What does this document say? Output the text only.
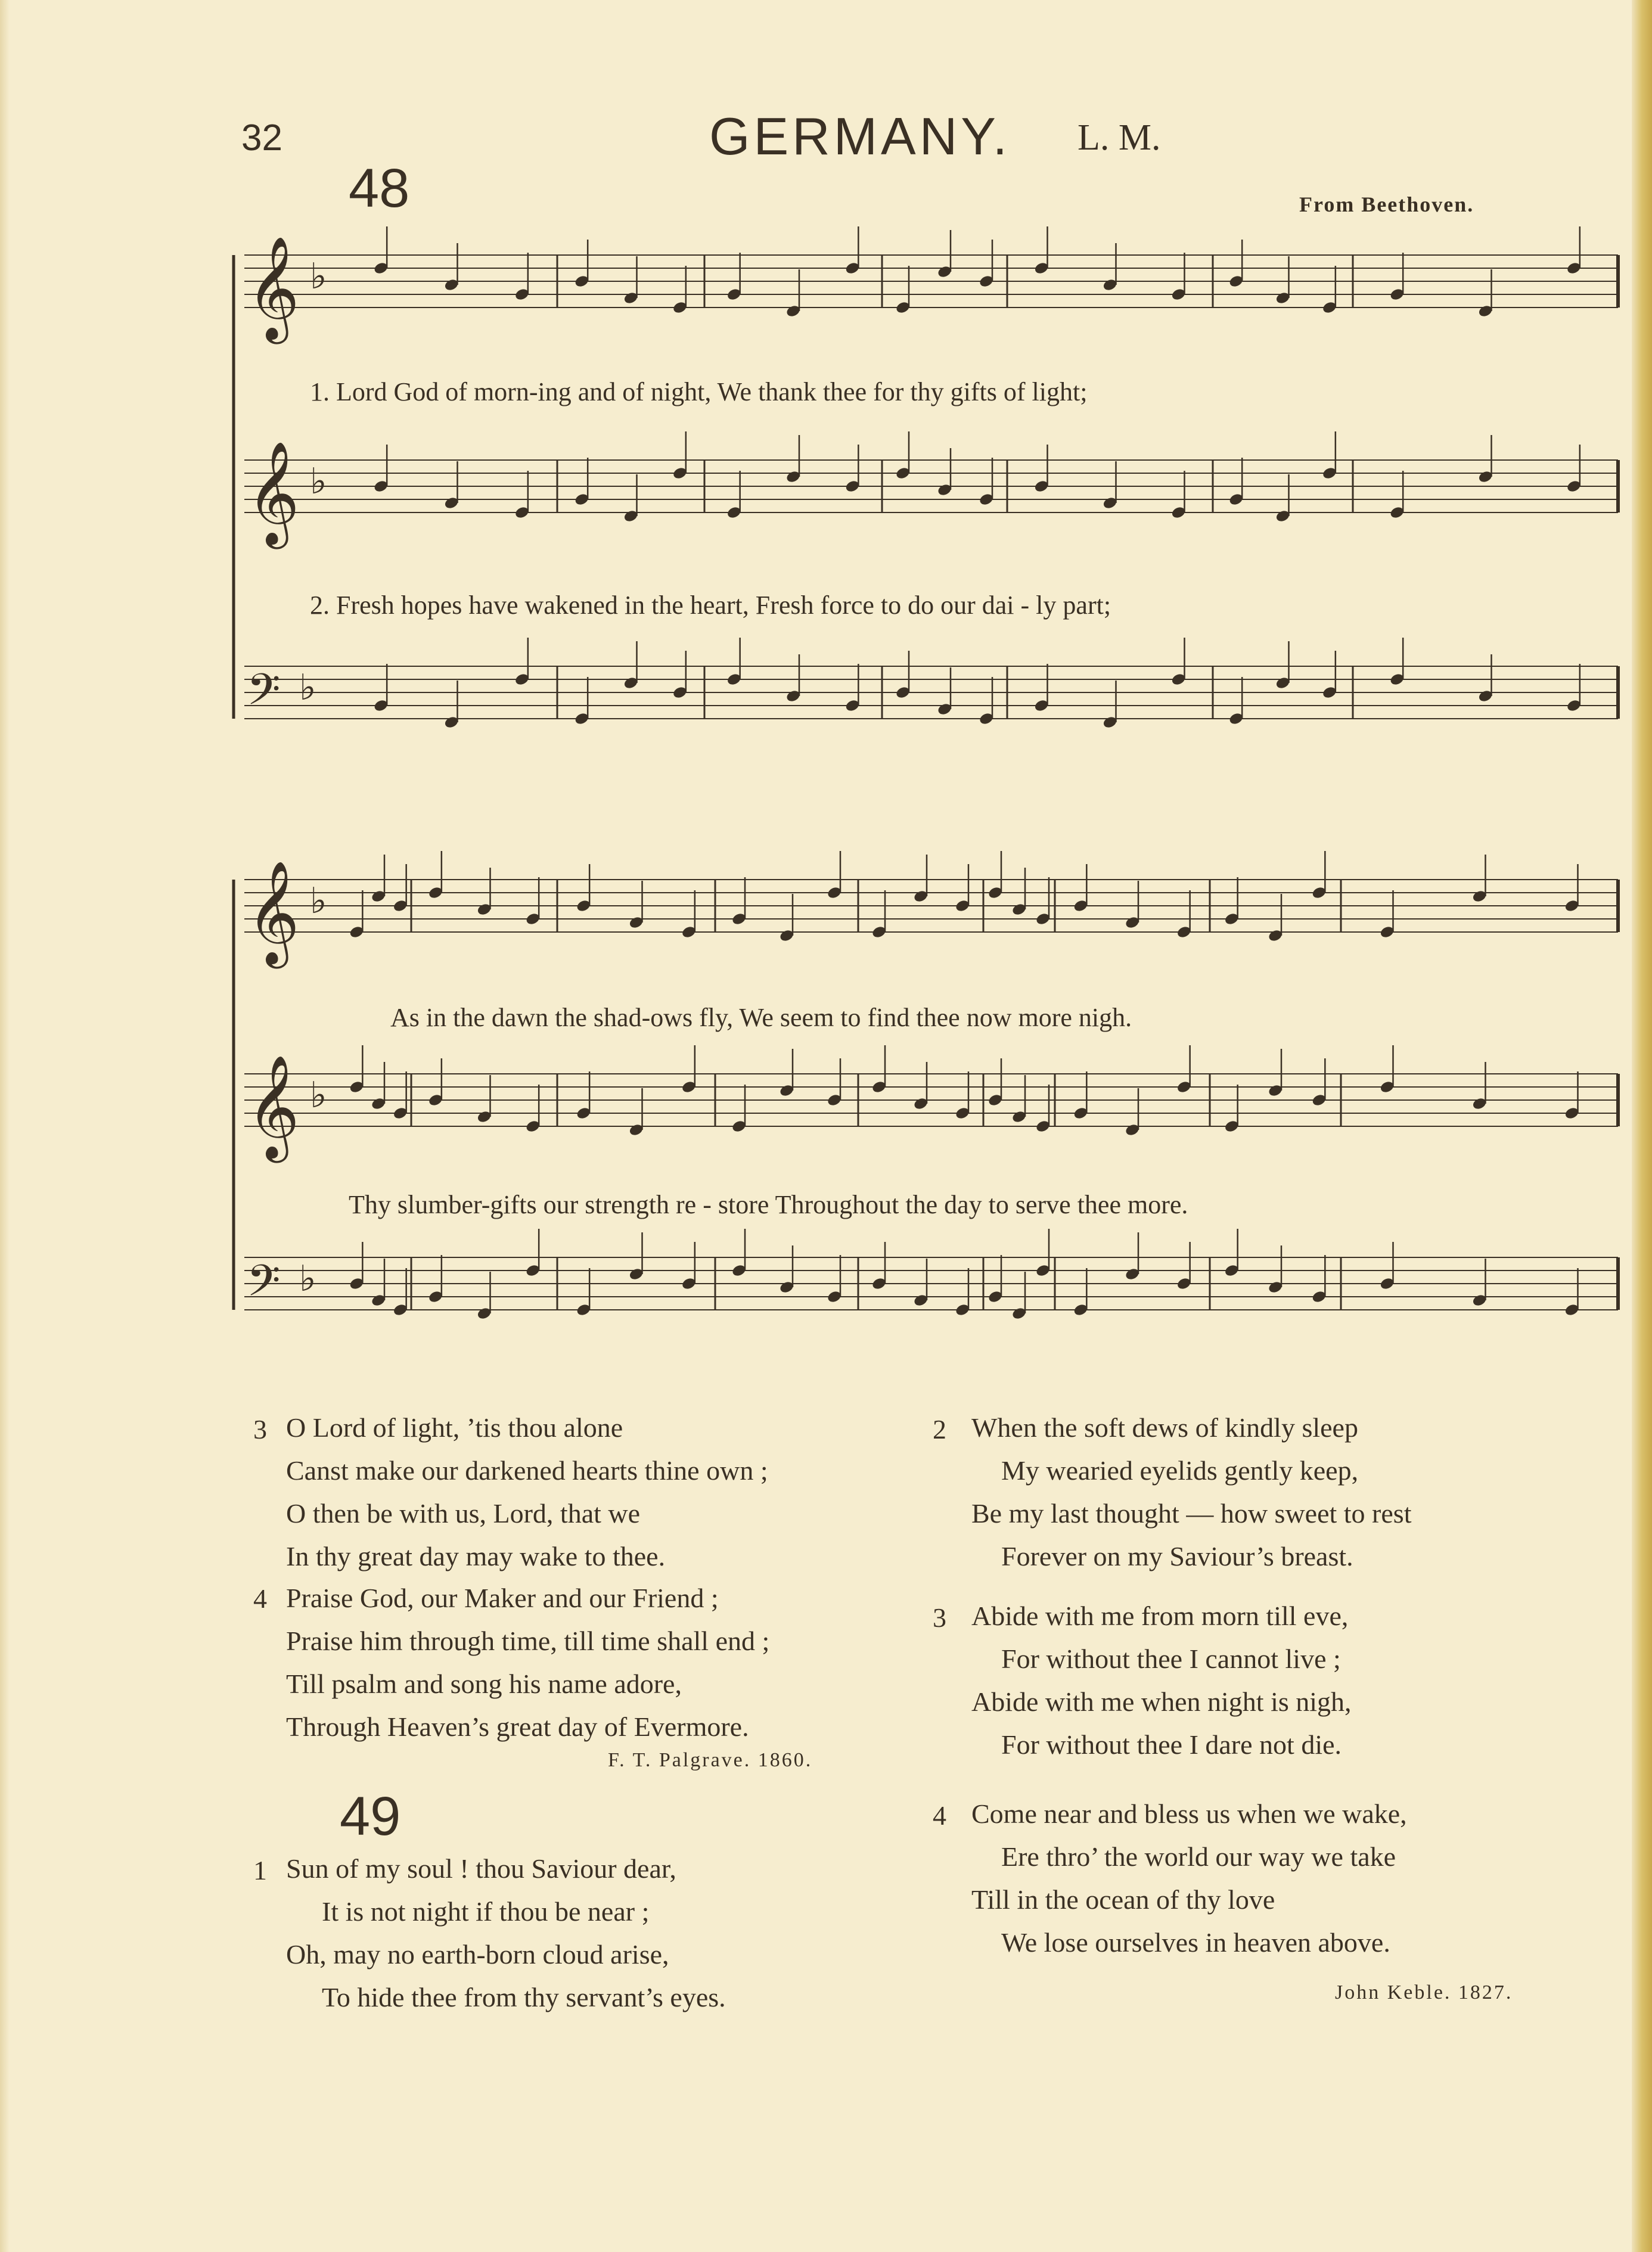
32	GERMANY. L. M.
48	From Beethoven.
𝄞 ♭
𝄞 ♭
𝄢 ♭
𝄞 ♭
𝄞 ♭
𝄢 ♭
1. Lord God of morn-ing and of night, We thank thee for thy gifts of light;
2. Fresh hopes have wakened in the heart, Fresh force to do our dai - ly part;
As in the dawn the shad-ows fly, We seem to find thee now more nigh.
Thy slumber-gifts our strength re - store Throughout the day to serve thee more.
3 O Lord of light, ’tis thou alone
Canst make our darkened hearts thine own ;
O then be with us, Lord, that we
In thy great day may wake to thee.
4 Praise God, our Maker and our Friend ;
Praise him through time, till time shall end ;
Till psalm and song his name adore,
Through Heaven’s great day of Evermore.
F. T. Palgrave. 1860.
49
1 Sun of my soul ! thou Saviour dear,
It is not night if thou be near ;
Oh, may no earth-born cloud arise,
To hide thee from thy servant’s eyes.
2 When the soft dews of kindly sleep
My wearied eyelids gently keep,
Be my last thought — how sweet to rest
Forever on my Saviour’s breast.
3 Abide with me from morn till eve,
For without thee I cannot live ;
Abide with me when night is nigh,
For without thee I dare not die.
4 Come near and bless us when we wake,
Ere thro’ the world our way we take
Till in the ocean of thy love
We lose ourselves in heaven above.
John Keble. 1827.
